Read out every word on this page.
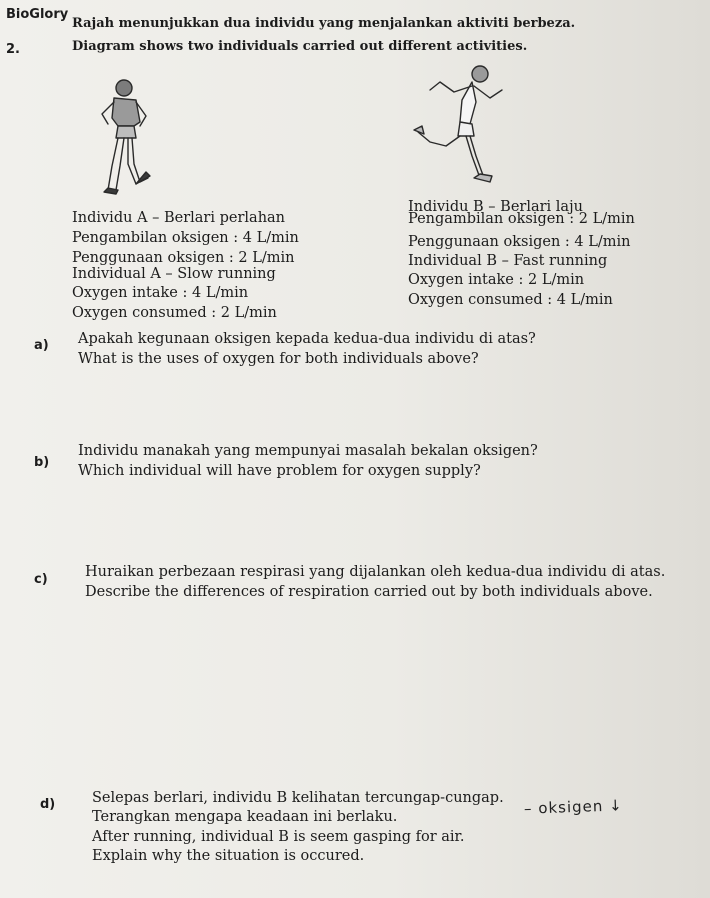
BioGlory
2.
Rajah menunjukkan dua individu yang menjalankan aktiviti berbeza.
Diagram shows two individuals carried out different activities.
Individu A – Berlari perlahan
Pengambilan oksigen : 4 L/min
Penggunaan oksigen : 2 L/min
Individual A – Slow running
Oxygen intake : 4 L/min
Oxygen consumed : 2 L/min
Individu B – Berlari laju
Pengambilan oksigen : 2 L/min
Penggunaan oksigen : 4 L/min
Individual B – Fast running
Oxygen intake : 2 L/min
Oxygen consumed : 4 L/min
a) Apakah kegunaan oksigen kepada kedua-dua individu di atas?
What is the uses of oxygen for both individuals above?
b)
Individu manakah yang mempunyai masalah bekalan oksigen?
Which individual will have problem for oxygen supply?
c)	Huraikan perbezaan respirasi yang dijalankan oleh kedua-dua individu di atas.
Describe the differences of respiration carried out by both individuals above.
d)	Selepas berlari, individu B kelihatan tercungap-cungap.
Terangkan mengapa keadaan ini berlaku.
After running, individual B is seem gasping for air.
Explain why the situation is occured.
– oksigen ↓
